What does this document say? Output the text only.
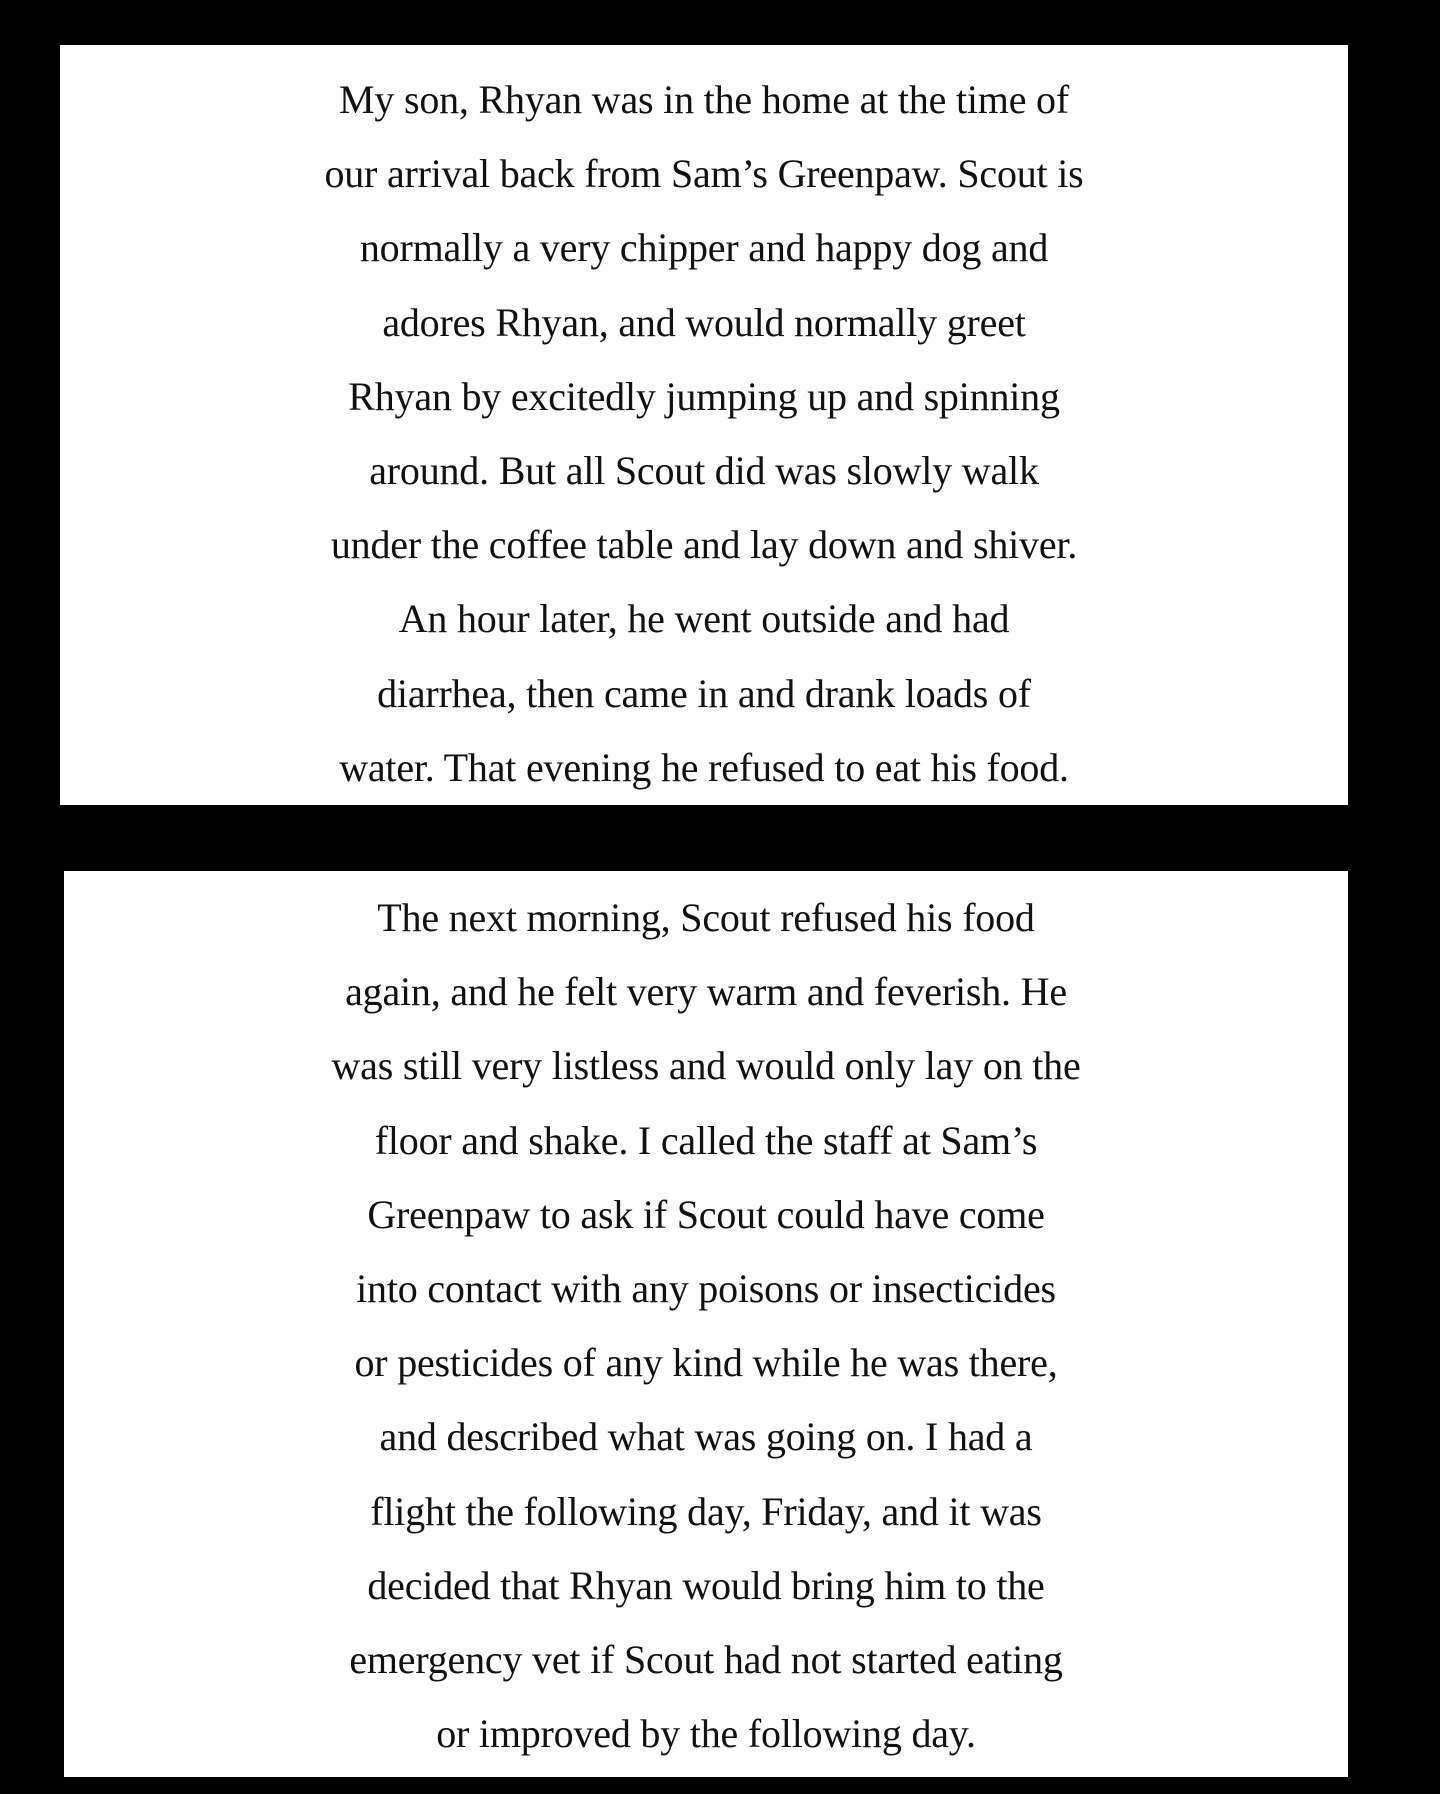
My son, Rhyan was in the home at the time of
our arrival back from Sam’s Greenpaw. Scout is
normally a very chipper and happy dog and
adores Rhyan, and would normally greet
Rhyan by excitedly jumping up and spinning
around. But all Scout did was slowly walk
under the coffee table and lay down and shiver.
An hour later, he went outside and had
diarrhea, then came in and drank loads of
water. That evening he refused to eat his food.
The next morning, Scout refused his food
again, and he felt very warm and feverish. He
was still very listless and would only lay on the
floor and shake. I called the staff at Sam’s
Greenpaw to ask if Scout could have come
into contact with any poisons or insecticides
or pesticides of any kind while he was there,
and described what was going on. I had a
flight the following day, Friday, and it was
decided that Rhyan would bring him to the
emergency vet if Scout had not started eating
or improved by the following day.
